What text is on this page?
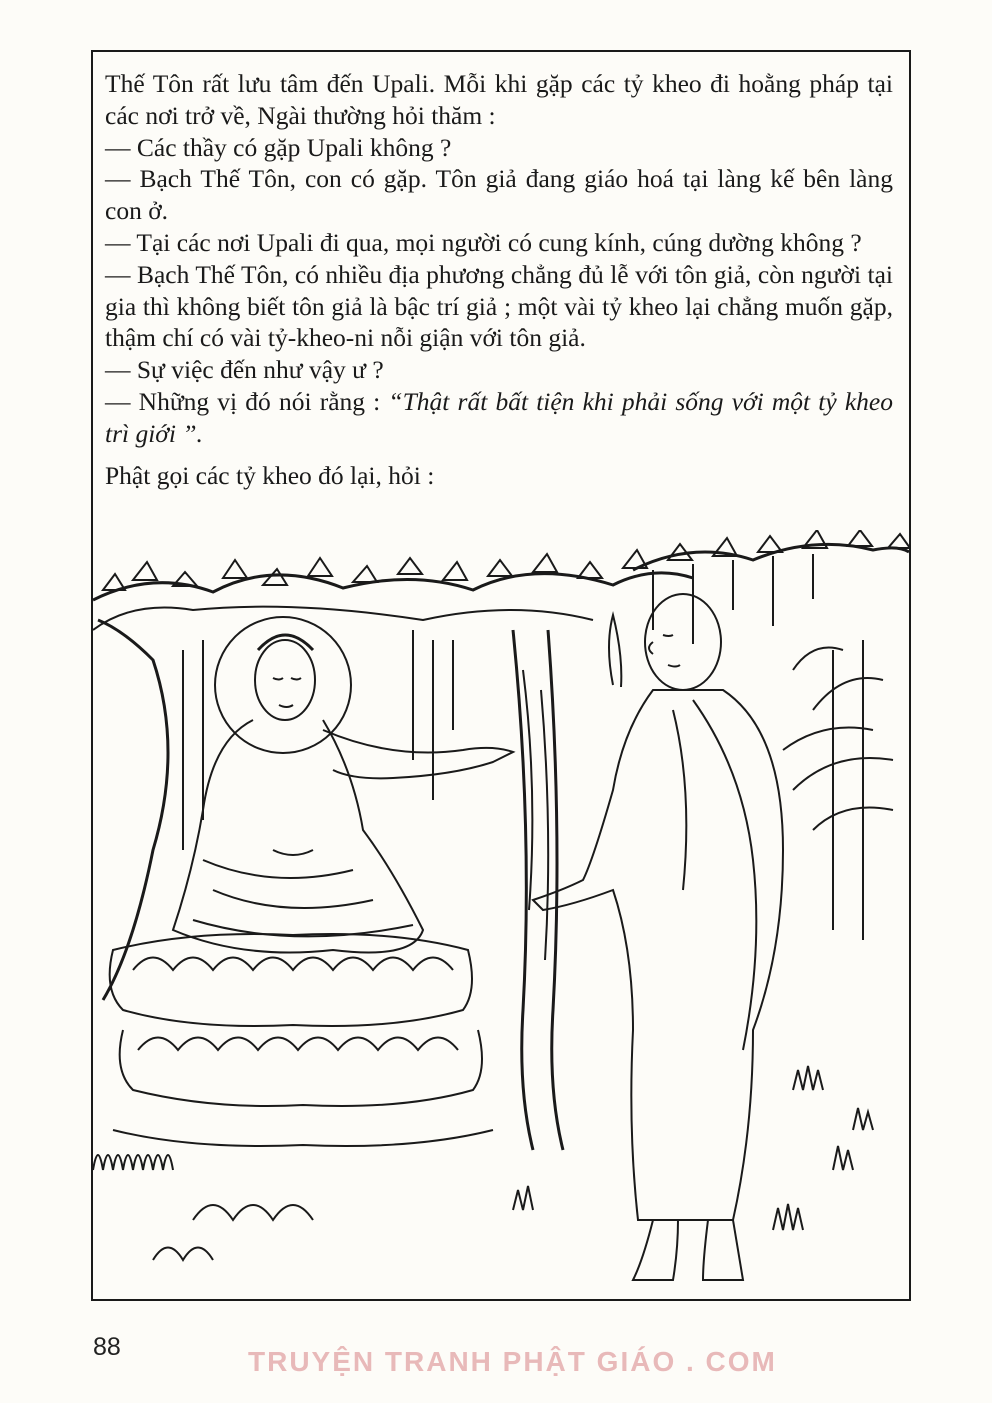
Thế Tôn rất lưu tâm đến Upali. Mỗi khi gặp các tỷ kheo đi hoằng pháp tại các nơi trở về, Ngài thường hỏi thăm :

— Các thầy có gặp Upali không ?

— Bạch Thế Tôn, con có gặp. Tôn giả đang giáo hoá tại làng kế bên làng con ở.

— Tại các nơi Upali đi qua, mọi người có cung kính, cúng dường không ?

— Bạch Thế Tôn, có nhiều địa phương chẳng đủ lễ với tôn giả, còn người tại gia thì không biết tôn giả là bậc trí giả ; một vài tỷ kheo lại chẳng muốn gặp, thậm chí có vài tỷ-kheo-ni nỗi giận với tôn giả.

— Sự việc đến như vậy ư ?

— Những vị đó nói rằng : “Thật rất bất tiện khi phải sống với một tỷ kheo trì giới ”.

Phật gọi các tỷ kheo đó lại, hỏi :

88	TRUYỆN TRANH PHẬT GIÁO . COM
